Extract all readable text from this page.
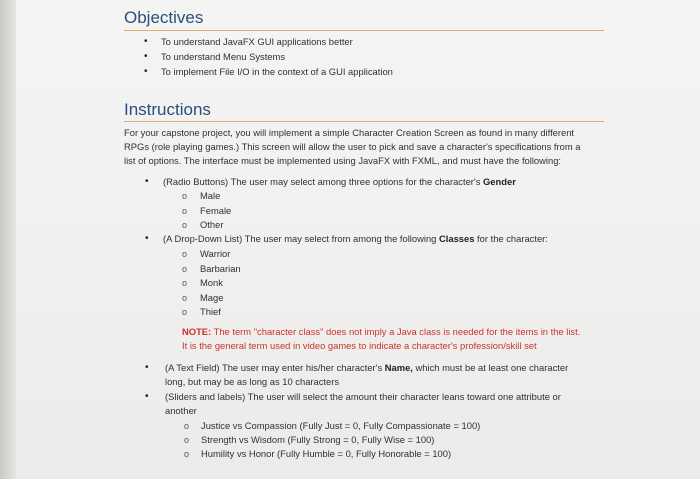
Objectives
• To understand JavaFX GUI applications better
• To understand Menu Systems
• To implement File I/O in the context of a GUI application
Instructions
For your capstone project, you will implement a simple Character Creation Screen as found in many different
RPGs (role playing games.) This screen will allow the user to pick and save a character's specifications from a
list of options. The interface must be implemented using JavaFX with FXML, and must have the following:
• (Radio Buttons) The user may select among three options for the character's Gender
o Male
o Female
o Other
• (A Drop-Down List) The user may select from among the following Classes for the character:
o Warrior
o Barbarian
o Monk
o Mage
o Thief
NOTE: The term "character class" does not imply a Java class is needed for the items in the list.
It is the general term used in video games to indicate a character's profession/skill set
• (A Text Field) The user may enter his/her character's Name, which must be at least one character
long, but may be as long as 10 characters
• (Sliders and labels) The user will select the amount their character leans toward one attribute or
another
o Justice vs Compassion (Fully Just = 0, Fully Compassionate = 100)
o Strength vs Wisdom (Fully Strong = 0, Fully Wise = 100)
o Humility vs Honor (Fully Humble = 0, Fully Honorable = 100)
